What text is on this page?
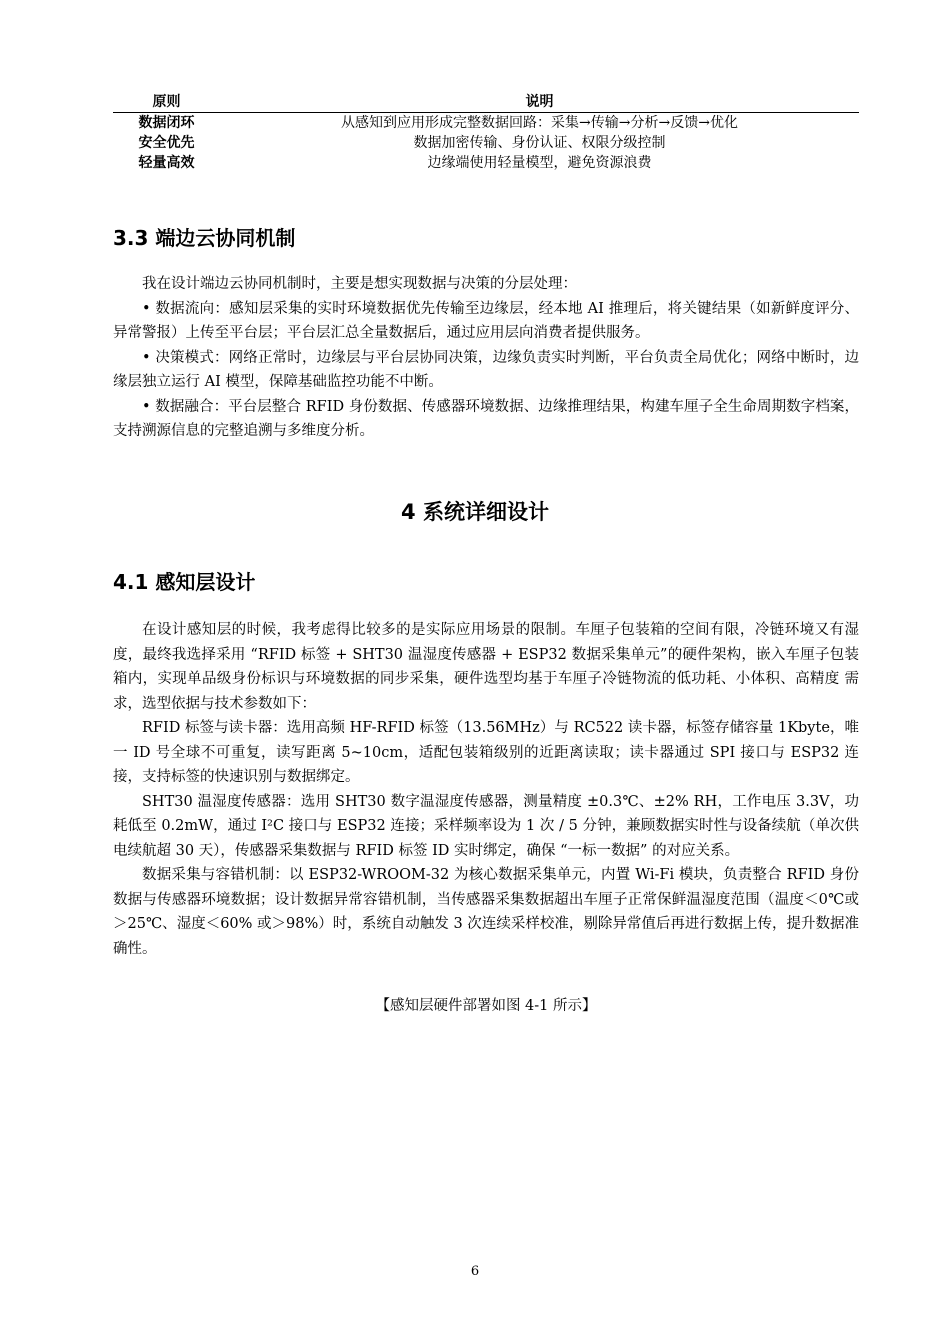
原则	说明
数据闭环	从感知到应用形成完整数据回路：采集→传输→分析→反馈→优化
安全优先	数据加密传输、身份认证、权限分级控制
轻量高效	边缘端使用轻量模型，避免资源浪费
3.3 端边云协同机制

我在设计端边云协同机制时，主要是想实现数据与决策的分层处理：

• 数据流向：感知层采集的实时环境数据优先传输至边缘层，经本地 AI 推理后，将关键结果（如新鲜度评分、异常警报）上传至平台层；平台层汇总全量数据后，通过应用层向消费者提供服务。

• 决策模式：网络正常时，边缘层与平台层协同决策，边缘负责实时判断，平台负责全局优化；网络中断时，边缘层独立运行 AI 模型，保障基础监控功能不中断。

• 数据融合：平台层整合 RFID 身份数据、传感器环境数据、边缘推理结果，构建车厘子全生命周期数字档案，支持溯源信息的完整追溯与多维度分析。

4 系统详细设计
4.1 感知层设计

在设计感知层的时候，我考虑得比较多的是实际应用场景的限制。车厘子包装箱的空间有限，冷链环境又有湿度，最终我选择采用 “RFID 标签 + SHT30 温湿度传感器 + ESP32 数据采集单元”的硬件架构，嵌入车厘子包装箱内，实现单品级身份标识与环境数据的同步采集，硬件选型均基于车厘子冷链物流的低功耗、小体积、高精度 需求，选型依据与技术参数如下：

RFID 标签与读卡器：选用高频 HF-RFID 标签（13.56MHz）与 RC522 读卡器，标签存储容量 1Kbyte，唯一 ID 号全球不可重复，读写距离 5~10cm，适配包装箱级别的近距离读取；读卡器通过 SPI 接口与 ESP32 连接，支持标签的快速识别与数据绑定。

SHT30 温湿度传感器：选用 SHT30 数字温湿度传感器，测量精度 ±0.3℃、±2% RH，工作电压 3.3V，功耗低至 0.2mW，通过 I²C 接口与 ESP32 连接；采样频率设为 1 次 / 5 分钟，兼顾数据实时性与设备续航（单次供电续航超 30 天），传感器采集数据与 RFID 标签 ID 实时绑定，确保 “一标一数据” 的对应关系。

数据采集与容错机制：以 ESP32-WROOM-32 为核心数据采集单元，内置 Wi-Fi 模块，负责整合 RFID 身份数据与传感器环境数据；设计数据异常容错机制，当传感器采集数据超出车厘子正常保鲜温湿度范围（温度＜0℃或＞25℃、湿度＜60% 或＞98%）时，系统自动触发 3 次连续采样校准，剔除异常值后再进行数据上传，提升数据准确性。

【感知层硬件部署如图 4-1 所示】
6
